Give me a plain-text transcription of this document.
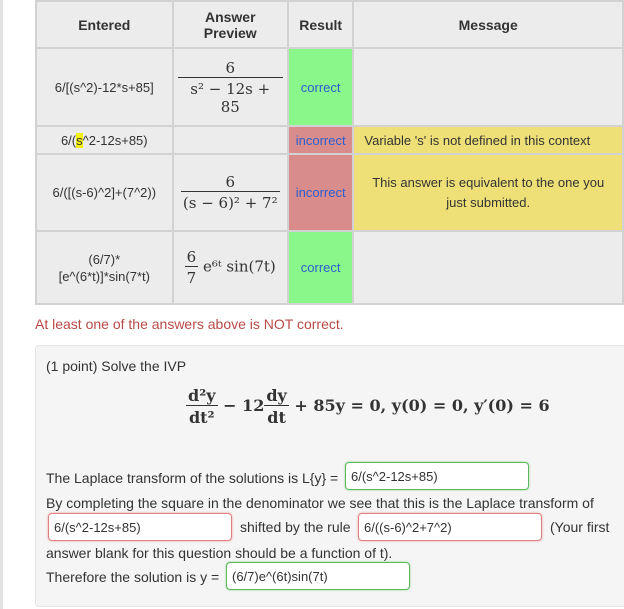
Entered	Answer
Preview	Result	Message
6/[(s^2)-12*s+85]	$\frac{6}{\text{s² − 12s + 85}}$	correct	
6/(s^2-12s+85)		incorrect	Variable 's' is not defined in this context
6/([(s-6)^2]+(7^2))	$\frac{6}{\text{(s − 6)² + 7²}}$	incorrect	This answer is equivalent to the one you just submitted.
(6/7)*
[e^(6*t)]*sin(7*t)	$\frac{6}{7}$ e⁶ᵗ sin(7t)	correct	
At least one of the answers above is NOT correct.
(1 point) Solve the IVP
$\frac{\text{d²y}}{\text{dt²}} - 12 \frac{dy}{dt} + 85y = 0$, y(0) = 0, y′(0) = 6
The Laplace transform of the solutions is L{y} = 6/(s^2-12s+85)
By completing the square in the denominator we see that this is the Laplace transform of
6/(s^2-12s+85)	shifted by the rule	6/((s-6)^2+7^2)	(Your first
answer blank for this question should be a function of t).
Therefore the solution is y = (6/7)e^(6t)sin(7t)
